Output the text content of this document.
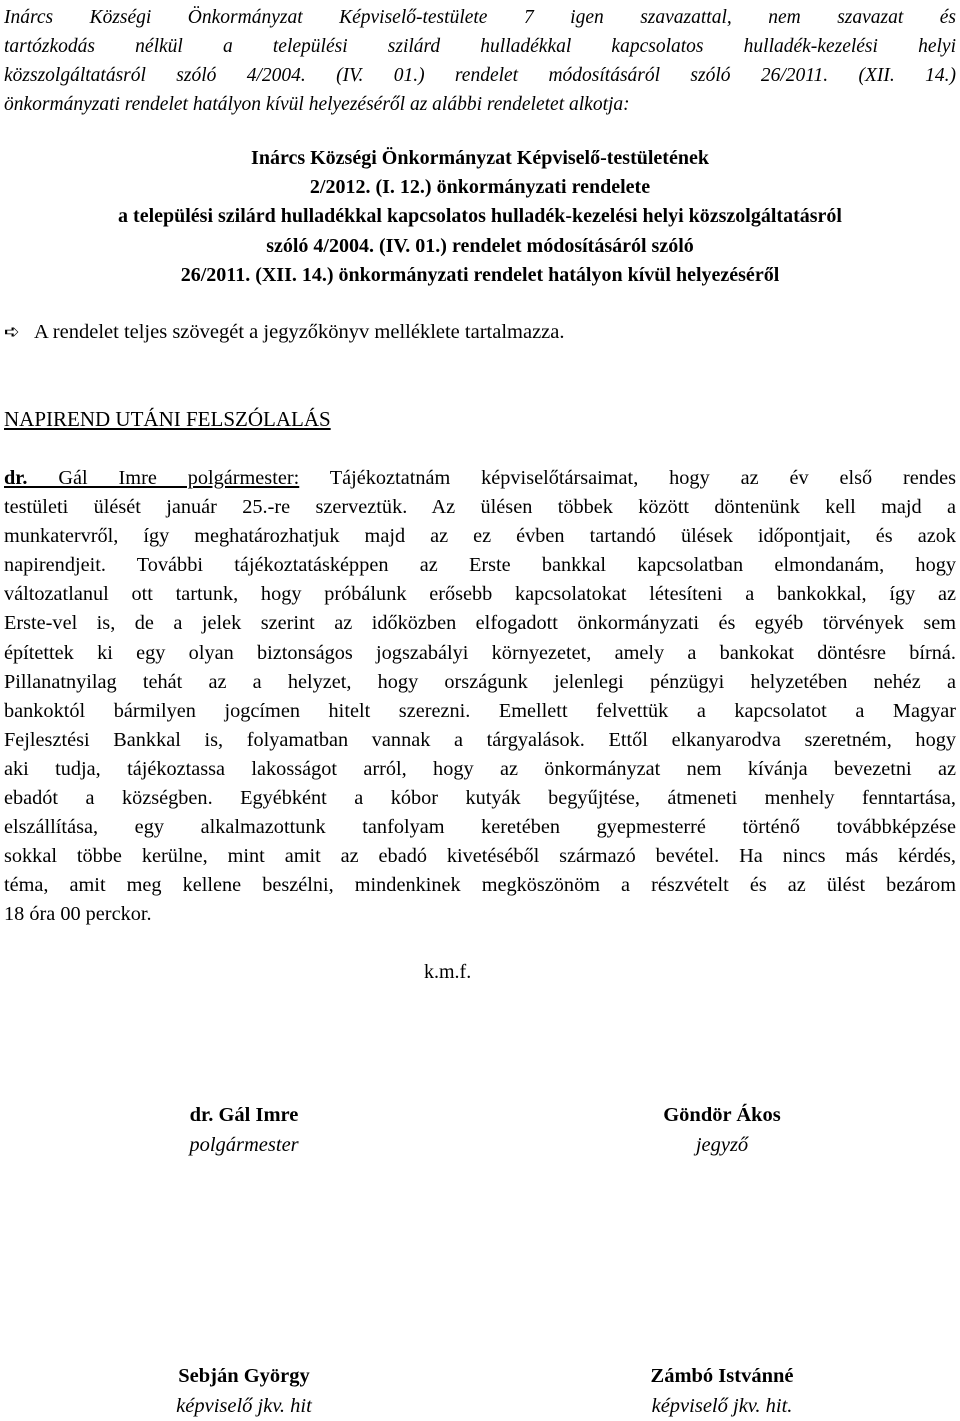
Inárcs Községi Önkormányzat Képviselő-testülete 7 igen szavazattal, nem szavazat és
tartózkodás nélkül a települési szilárd hulladékkal kapcsolatos hulladék-kezelési helyi
közszolgáltatásról szóló 4/2004. (IV. 01.) rendelet módosításáról szóló 26/2011. (XII. 14.)
önkormányzati rendelet hatályon kívül helyezéséről az alábbi rendeletet alkotja:
Inárcs Községi Önkormányzat Képviselő-testületének
2/2012. (I. 12.) önkormányzati rendelete
a települési szilárd hulladékkal kapcsolatos hulladék-kezelési helyi közszolgáltatásról
szóló 4/2004. (IV. 01.) rendelet módosításáról szóló
26/2011. (XII. 14.) önkormányzati rendelet hatályon kívül helyezéséről
➪ A rendelet teljes szövegét a jegyzőkönyv melléklete tartalmazza.
NAPIREND UTÁNI FELSZÓLALÁS
dr. Gál Imre polgármester: Tájékoztatnám képviselőtársaimat, hogy az év első rendes
testületi ülését január 25.-re szerveztük. Az ülésen többek között döntenünk kell majd a
munkatervről, így meghatározhatjuk majd az ez évben tartandó ülések időpontjait, és azok
napirendjeit. További tájékoztatásképpen az Erste bankkal kapcsolatban elmondanám, hogy
változatlanul ott tartunk, hogy próbálunk erősebb kapcsolatokat létesíteni a bankokkal, így az
Erste-vel is, de a jelek szerint az időközben elfogadott önkormányzati és egyéb törvények sem
építettek ki egy olyan biztonságos jogszabályi környezetet, amely a bankokat döntésre bírná.
Pillanatnyilag tehát az a helyzet, hogy országunk jelenlegi pénzügyi helyzetében nehéz a
bankoktól bármilyen jogcímen hitelt szerezni. Emellett felvettük a kapcsolatot a Magyar
Fejlesztési Bankkal is, folyamatban vannak a tárgyalások. Ettől elkanyarodva szeretném, hogy
aki tudja, tájékoztassa lakosságot arról, hogy az önkormányzat nem kívánja bevezetni az
ebadót a községben. Egyébként a kóbor kutyák begyűjtése, átmeneti menhely fenntartása,
elszállítása, egy alkalmazottunk tanfolyam keretében gyepmesterré történő továbbképzése
sokkal többe kerülne, mint amit az ebadó kivetéséből származó bevétel. Ha nincs más kérdés,
téma, amit meg kellene beszélni, mindenkinek megköszönöm a részvételt és az ülést bezárom
18 óra 00 perckor.
k.m.f.
dr. Gál Imre
polgármester
Göndör Ákos
jegyző
Sebján György
képviselő jkv. hit
Zámbó Istvánné
képviselő jkv. hit.
